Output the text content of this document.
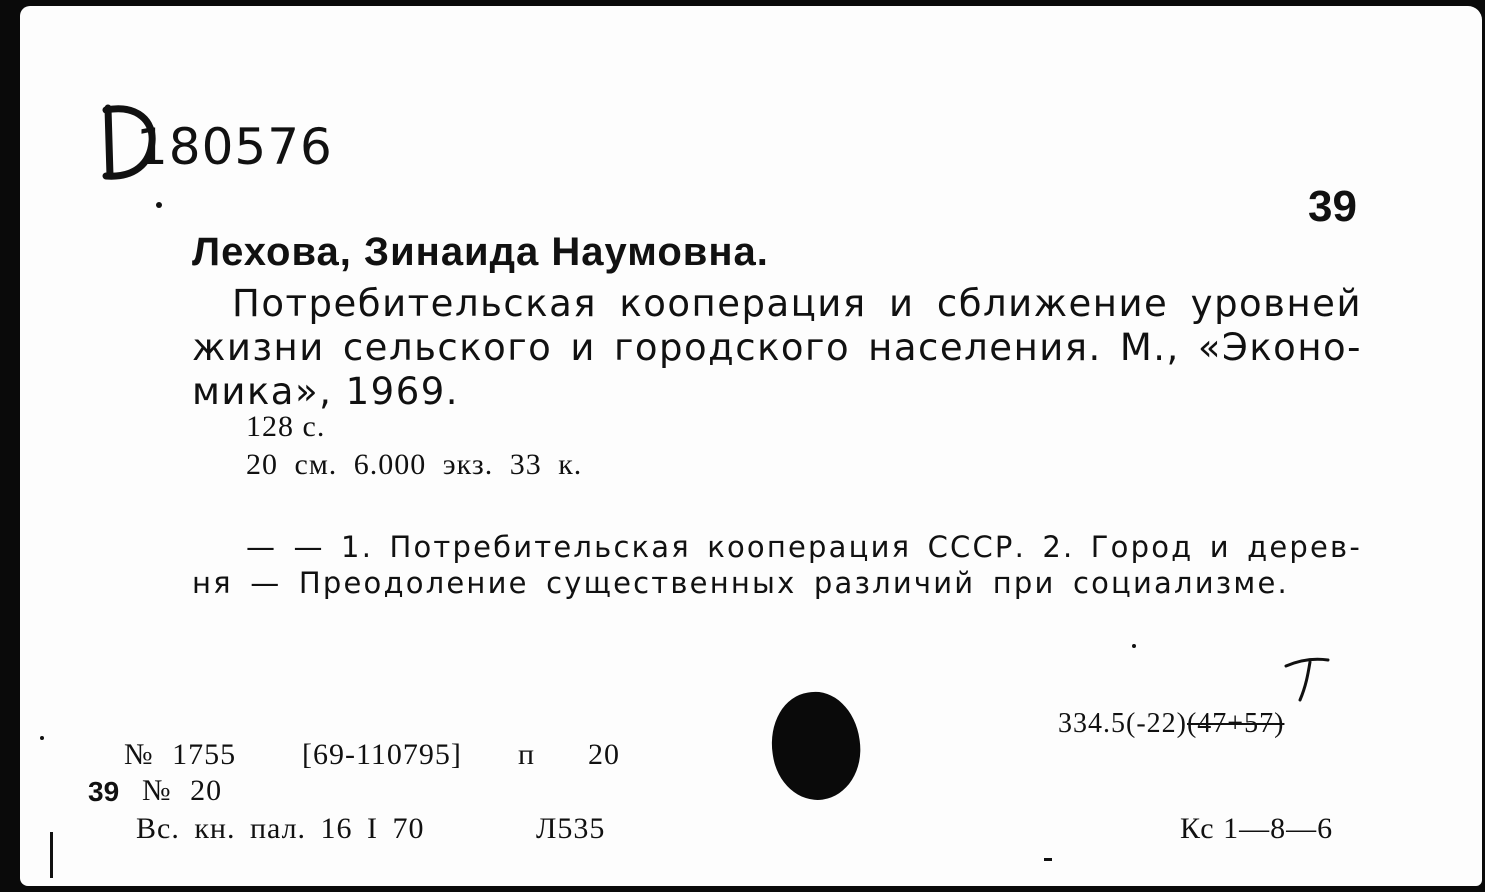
180576
39
Лехова, Зинаида Наумовна.
Потребительская кооперация и сближение уровней
жизни сельского и городского населения. М., «Эконо-
мика», 1969.
128 с.
20 см. 6.000 экз. 33 к.
— — 1. Потребительская кооперация СССР. 2. Город и дерев-
ня — Преодоление существенных различий при социализме.
334.5(-22)(47+57)
Кс 1—8—6
№ 1755 [69-110795] п 20
39 № 20
Вс. кн. пал. 16 I 70	Л535
